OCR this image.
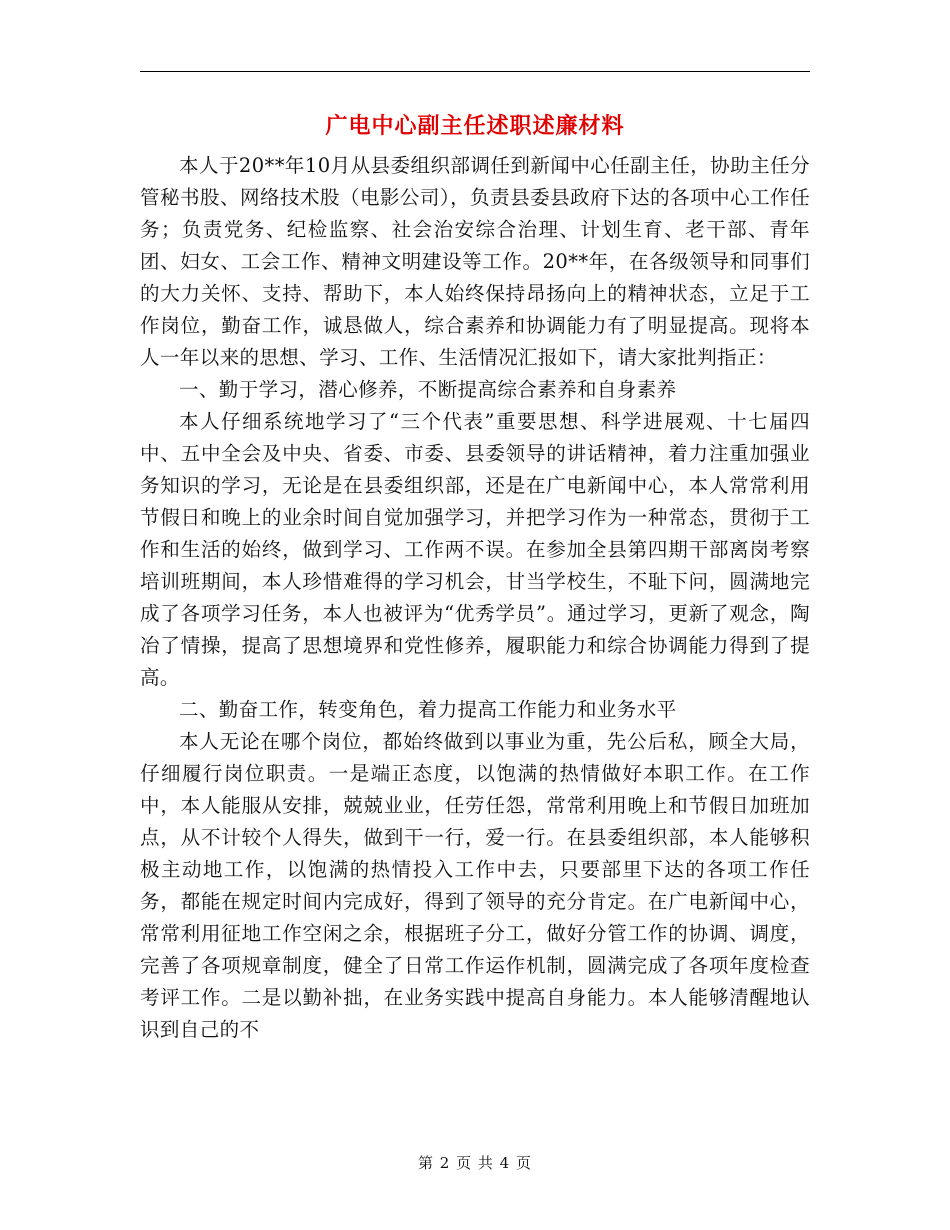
广电中心副主任述职述廉材料

本人于20**年10月从县委组织部调任到新闻中心任副主任，协助主任分管秘书股、网络技术股（电影公司），负责县委县政府下达的各项中心工作任务；负责党务、纪检监察、社会治安综合治理、计划生育、老干部、青年团、妇女、工会工作、精神文明建设等工作。20**年，在各级领导和同事们的大力关怀、支持、帮助下，本人始终保持昂扬向上的精神状态，立足于工作岗位，勤奋工作，诚恳做人，综合素养和协调能力有了明显提高。现将本人一年以来的思想、学习、工作、生活情况汇报如下，请大家批判指正：

一、勤于学习，潜心修养，不断提高综合素养和自身素养

本人仔细系统地学习了“三个代表”重要思想、科学进展观、十七届四中、五中全会及中央、省委、市委、县委领导的讲话精神，着力注重加强业务知识的学习，无论是在县委组织部，还是在广电新闻中心，本人常常利用节假日和晚上的业余时间自觉加强学习，并把学习作为一种常态，贯彻于工作和生活的始终，做到学习、工作两不误。在参加全县第四期干部离岗考察培训班期间，本人珍惜难得的学习机会，甘当学校生，不耻下问，圆满地完成了各项学习任务，本人也被评为“优秀学员”。通过学习，更新了观念，陶冶了情操，提高了思想境界和党性修养，履职能力和综合协调能力得到了提高。

二、勤奋工作，转变角色，着力提高工作能力和业务水平

本人无论在哪个岗位，都始终做到以事业为重，先公后私，顾全大局，仔细履行岗位职责。一是端正态度，以饱满的热情做好本职工作。在工作中，本人能服从安排，兢兢业业，任劳任怨，常常利用晚上和节假日加班加点，从不计较个人得失，做到干一行，爱一行。在县委组织部，本人能够积极主动地工作，以饱满的热情投入工作中去，只要部里下达的各项工作任务，都能在规定时间内完成好，得到了领导的充分肯定。在广电新闻中心，常常利用征地工作空闲之余，根据班子分工，做好分管工作的协调、调度，完善了各项规章制度，健全了日常工作运作机制，圆满完成了各项年度检查考评工作。二是以勤补拙，在业务实践中提高自身能力。本人能够清醒地认识到自己的不

第 2 页 共 4 页
